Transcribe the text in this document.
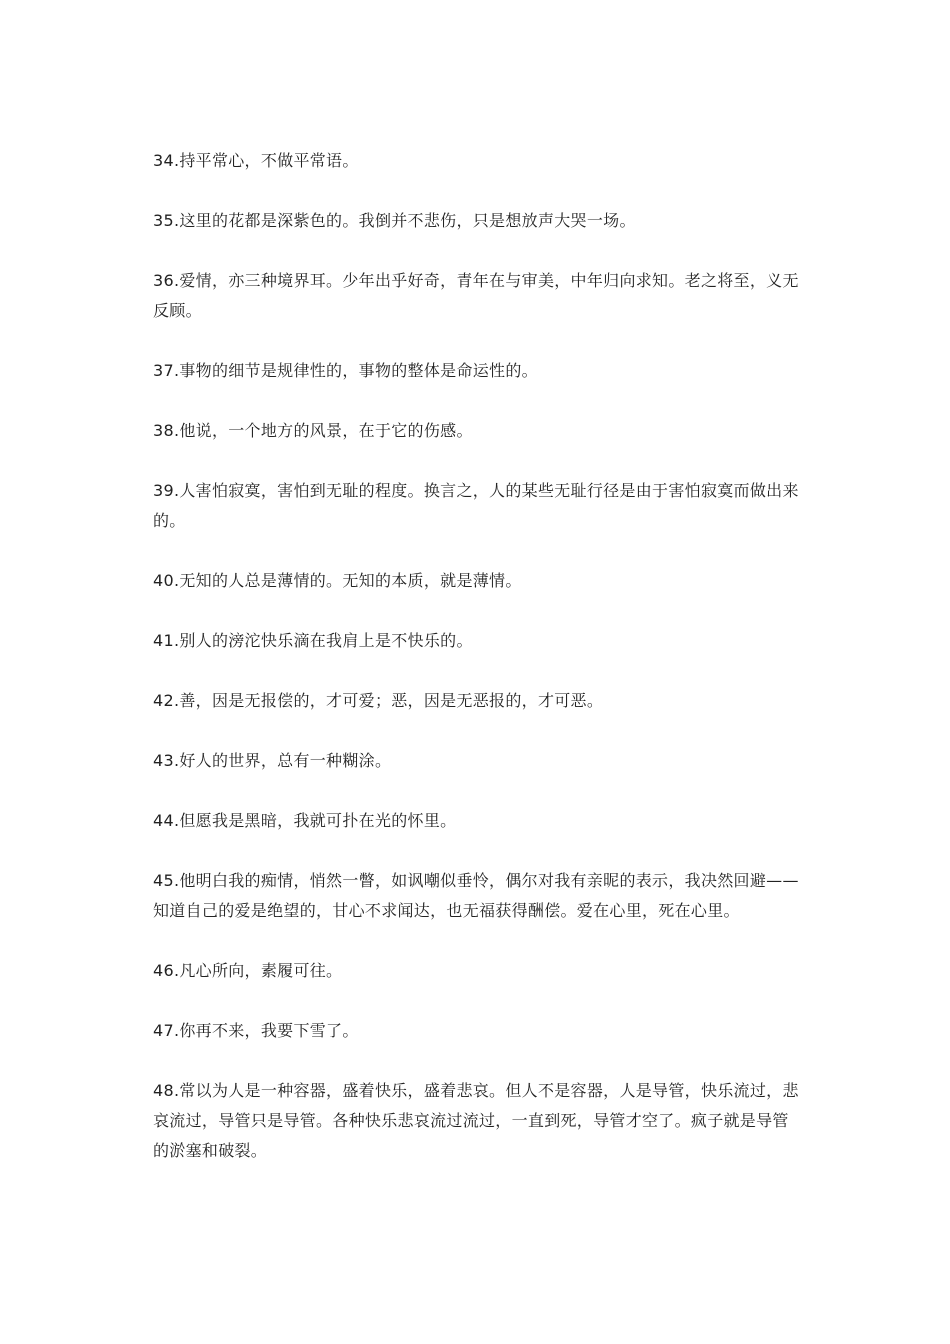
34.持平常心，不做平常语。

35.这里的花都是深紫色的。我倒并不悲伤，只是想放声大哭一场。

36.爱情，亦三种境界耳。少年出乎好奇，青年在与审美，中年归向求知。老之将至，义无反顾。

37.事物的细节是规律性的，事物的整体是命运性的。

38.他说，一个地方的风景，在于它的伤感。

39.人害怕寂寞，害怕到无耻的程度。换言之，人的某些无耻行径是由于害怕寂寞而做出来的。

40.无知的人总是薄情的。无知的本质，就是薄情。

41.别人的滂沱快乐滴在我肩上是不快乐的。

42.善，因是无报偿的，才可爱；恶，因是无恶报的，才可恶。

43.好人的世界，总有一种糊涂。

44.但愿我是黑暗，我就可扑在光的怀里。

45.他明白我的痴情，悄然一瞥，如讽嘲似垂怜，偶尔对我有亲昵的表示，我决然回避——知道自己的爱是绝望的，甘心不求闻达，也无福获得酬偿。爱在心里，死在心里。

46.凡心所向，素履可往。

47.你再不来，我要下雪了。

48.常以为人是一种容器，盛着快乐，盛着悲哀。但人不是容器，人是导管，快乐流过，悲哀流过，导管只是导管。各种快乐悲哀流过流过，一直到死，导管才空了。疯子就是导管的淤塞和破裂。
